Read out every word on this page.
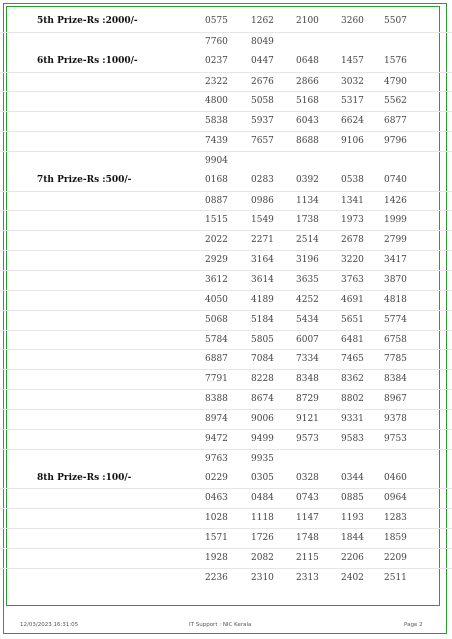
5th Prize-Rs :2000/-	0575	1262 2100 3260 5507
7760	8049
6th Prize-Rs :1000/-	0237	0447 0648 1457 1576
2322	2676 2866 3032 4790
4800	5058 5168 5317 5562
5838	5937 6043 6624 6877
7439	7657 8688 9106 9796
9904
7th Prize-Rs :500/-	0168	0283 0392 0538 0740
0887	0986 1134 1341 1426
1515	1549 1738 1973 1999
2022	2271 2514 2678 2799
2929	3164 3196 3220 3417
3612	3614 3635 3763 3870
4050	4189 4252 4691 4818
5068	5184 5434 5651 5774
5784	5805 6007 6481 6758
6887	7084 7334 7465 7785
7791	8228 8348 8362 8384
8388	8674 8729 8802 8967
8974	9006 9121 9331 9378
9472	9499 9573 9583 9753
9763	9935
8th Prize-Rs :100/-	0229	0305 0328 0344 0460
0463	0484 0743 0885 0964
1028	1118 1147 1193 1283
1571	1726 1748 1844 1859
1928	2082 2115 2206 2209
2236	2310 2313 2402 2511
12/03/2023 16:31:05	IT Support : NIC Kerala	Page 2
